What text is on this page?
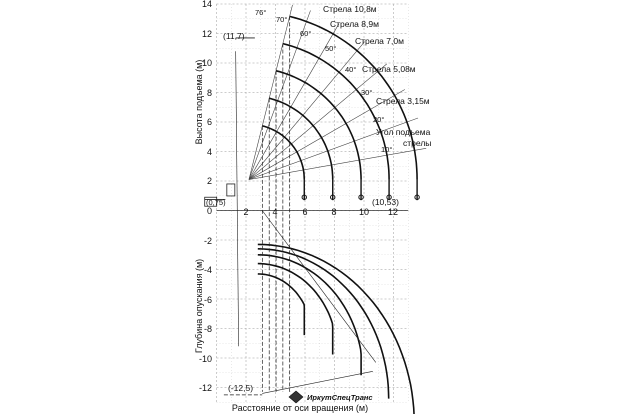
Высота подъема (м)
Глубина опускания (м)
Расстояние от оси вращения (м)
14
12
10
8
6
4
2
0
-2
-4
-6
-8
-10
-12
2	4	6	8 10 12
Стрела 10,8м
Стрела 8,9м
Стрела 7,0м
Стрела 5,08м
Стрела 3,15м
10°
20°
30°
40°
50°
60°
70°
76°
Угол подъема
стрелы
(11,7)
(0,75)	(10,53)
(-12,5)
ИркутСпецТранс
